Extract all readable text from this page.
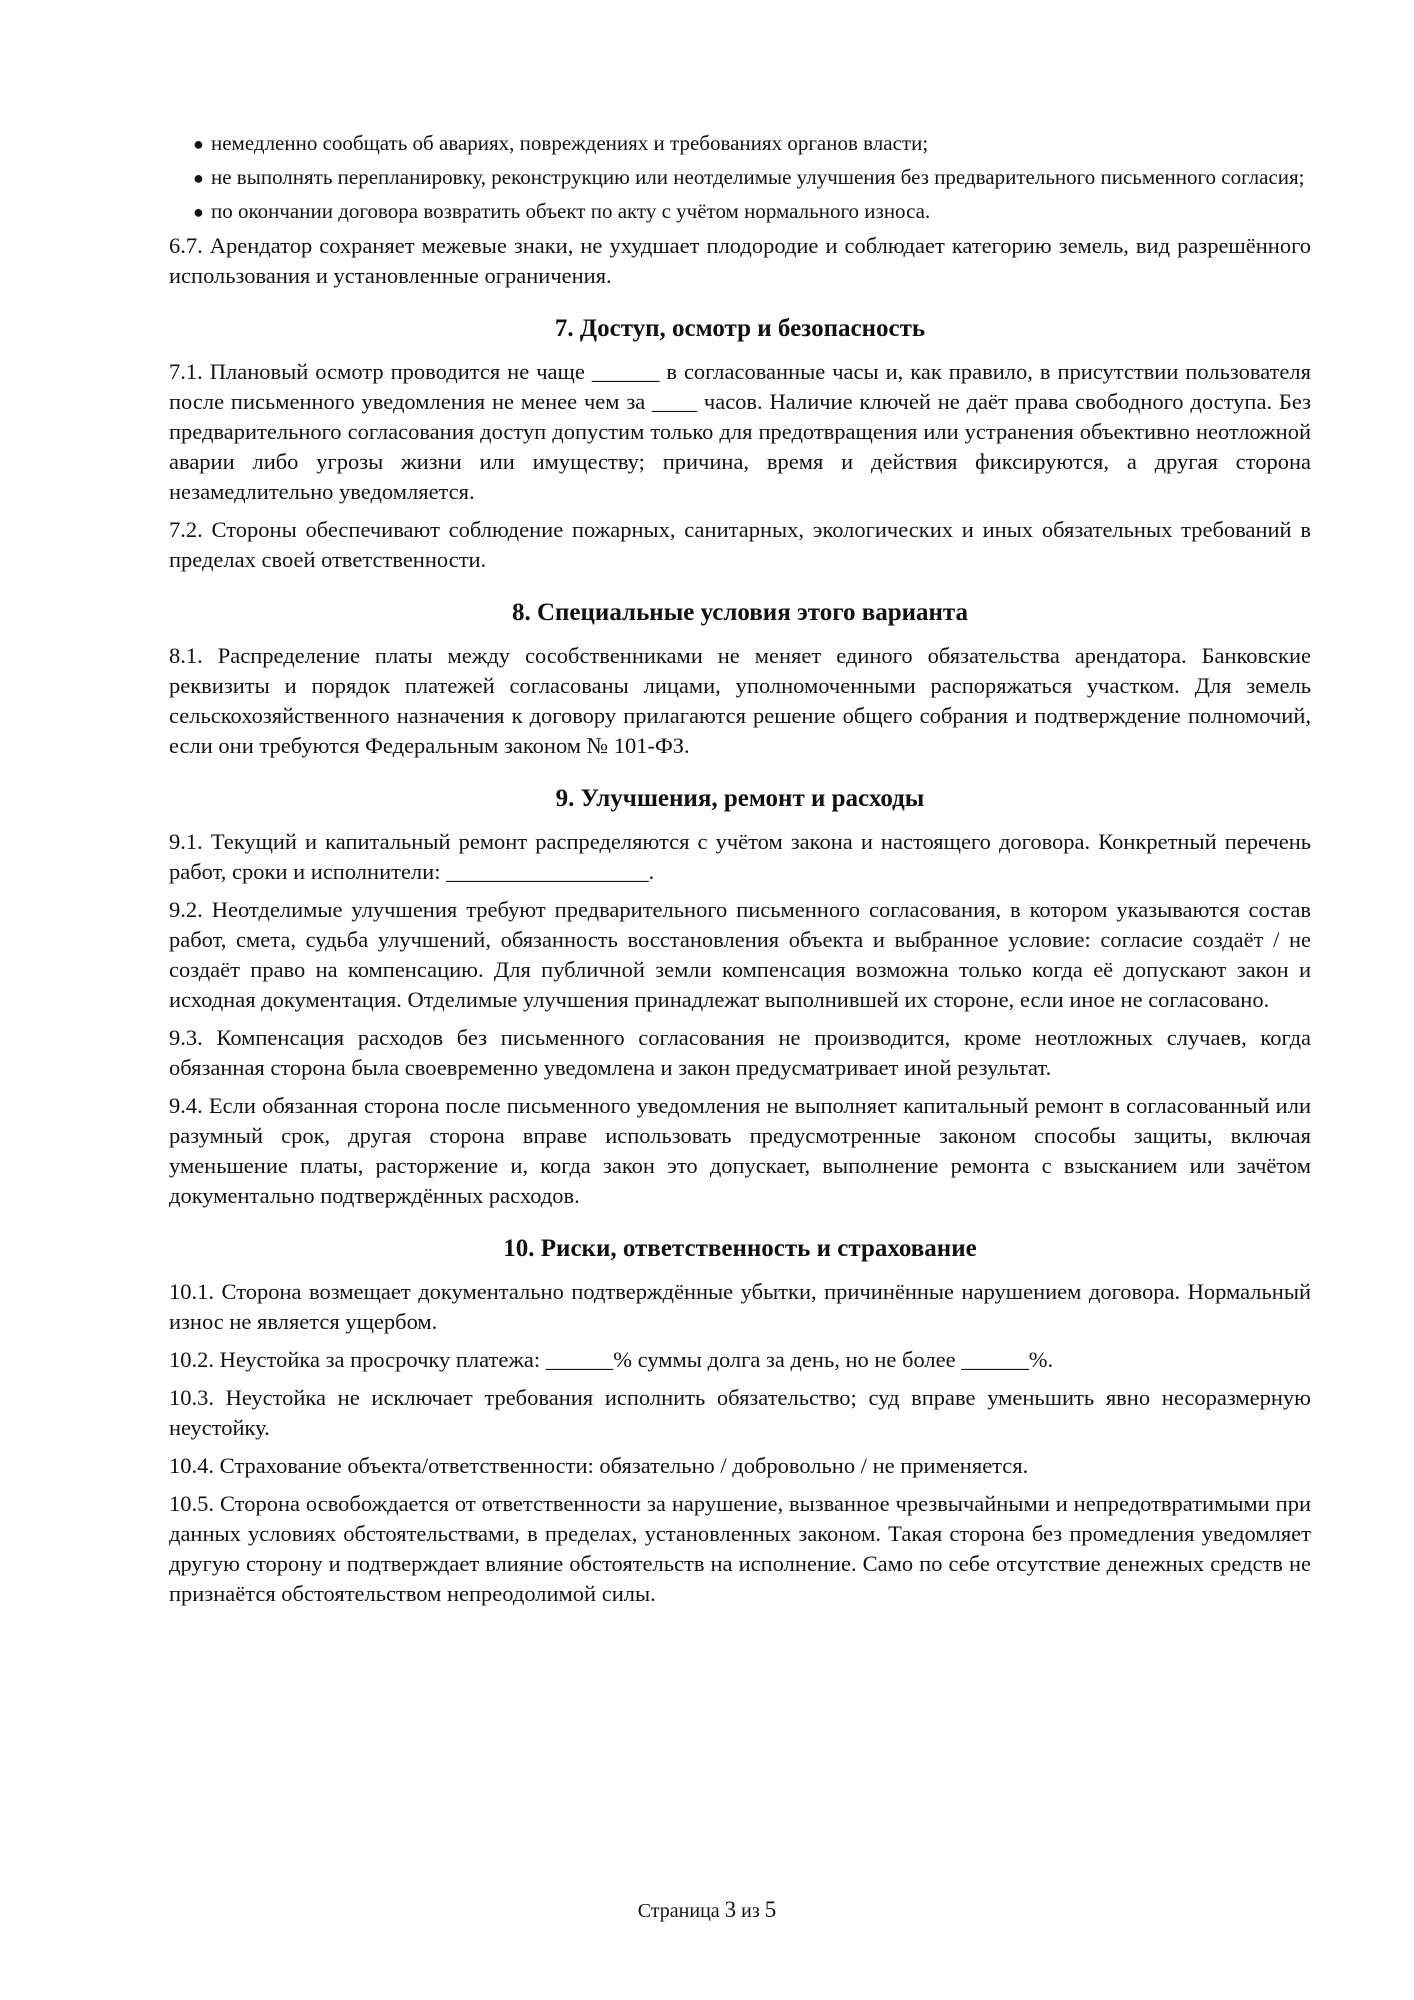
● немедленно сообщать об авариях, повреждениях и требованиях органов власти;
● не выполнять перепланировку, реконструкцию или неотделимые улучшения без предварительного письменного согласия;
● по окончании договора возвратить объект по акту с учётом нормального износа.

6.7. Арендатор сохраняет межевые знаки, не ухудшает плодородие и соблюдает категорию земель, вид разрешённого использования и установленные ограничения.

7. Доступ, осмотр и безопасность

7.1. Плановый осмотр проводится не чаще ______ в согласованные часы и, как правило, в присутствии пользователя после письменного уведомления не менее чем за ____ часов. Наличие ключей не даёт права свободного доступа. Без предварительного согласования доступ допустим только для предотвращения или устранения объективно неотложной аварии либо угрозы жизни или имуществу; причина, время и действия фиксируются, а другая сторона незамедлительно уведомляется.

7.2. Стороны обеспечивают соблюдение пожарных, санитарных, экологических и иных обязательных требований в пределах своей ответственности.

8. Специальные условия этого варианта

8.1. Распределение платы между сособственниками не меняет единого обязательства арендатора. Банковские реквизиты и порядок платежей согласованы лицами, уполномоченными распоряжаться участком. Для земель сельскохозяйственного назначения к договору прилагаются решение общего собрания и подтверждение полномочий, если они требуются Федеральным законом № 101-ФЗ.

9. Улучшения, ремонт и расходы

9.1. Текущий и капитальный ремонт распределяются с учётом закона и настоящего договора. Конкретный перечень работ, сроки и исполнители: __________________.

9.2. Неотделимые улучшения требуют предварительного письменного согласования, в котором указываются состав работ, смета, судьба улучшений, обязанность восстановления объекта и выбранное условие: согласие создаёт / не создаёт право на компенсацию. Для публичной земли компенсация возможна только когда её допускают закон и исходная документация. Отделимые улучшения принадлежат выполнившей их стороне, если иное не согласовано.

9.3. Компенсация расходов без письменного согласования не производится, кроме неотложных случаев, когда обязанная сторона была своевременно уведомлена и закон предусматривает иной результат.

9.4. Если обязанная сторона после письменного уведомления не выполняет капитальный ремонт в согласованный или разумный срок, другая сторона вправе использовать предусмотренные законом способы защиты, включая уменьшение платы, расторжение и, когда закон это допускает, выполнение ремонта с взысканием или зачётом документально подтверждённых расходов.

10. Риски, ответственность и страхование

10.1. Сторона возмещает документально подтверждённые убытки, причинённые нарушением договора. Нормальный износ не является ущербом.

10.2. Неустойка за просрочку платежа: ______% суммы долга за день, но не более ______%.

10.3. Неустойка не исключает требования исполнить обязательство; суд вправе уменьшить явно несоразмерную неустойку.

10.4. Страхование объекта/ответственности: обязательно / добровольно / не применяется.

10.5. Сторона освобождается от ответственности за нарушение, вызванное чрезвычайными и непредотвратимыми при данных условиях обстоятельствами, в пределах, установленных законом. Такая сторона без промедления уведомляет другую сторону и подтверждает влияние обстоятельств на исполнение. Само по себе отсутствие денежных средств не признаётся обстоятельством непреодолимой силы.

Страница 3 из 5
